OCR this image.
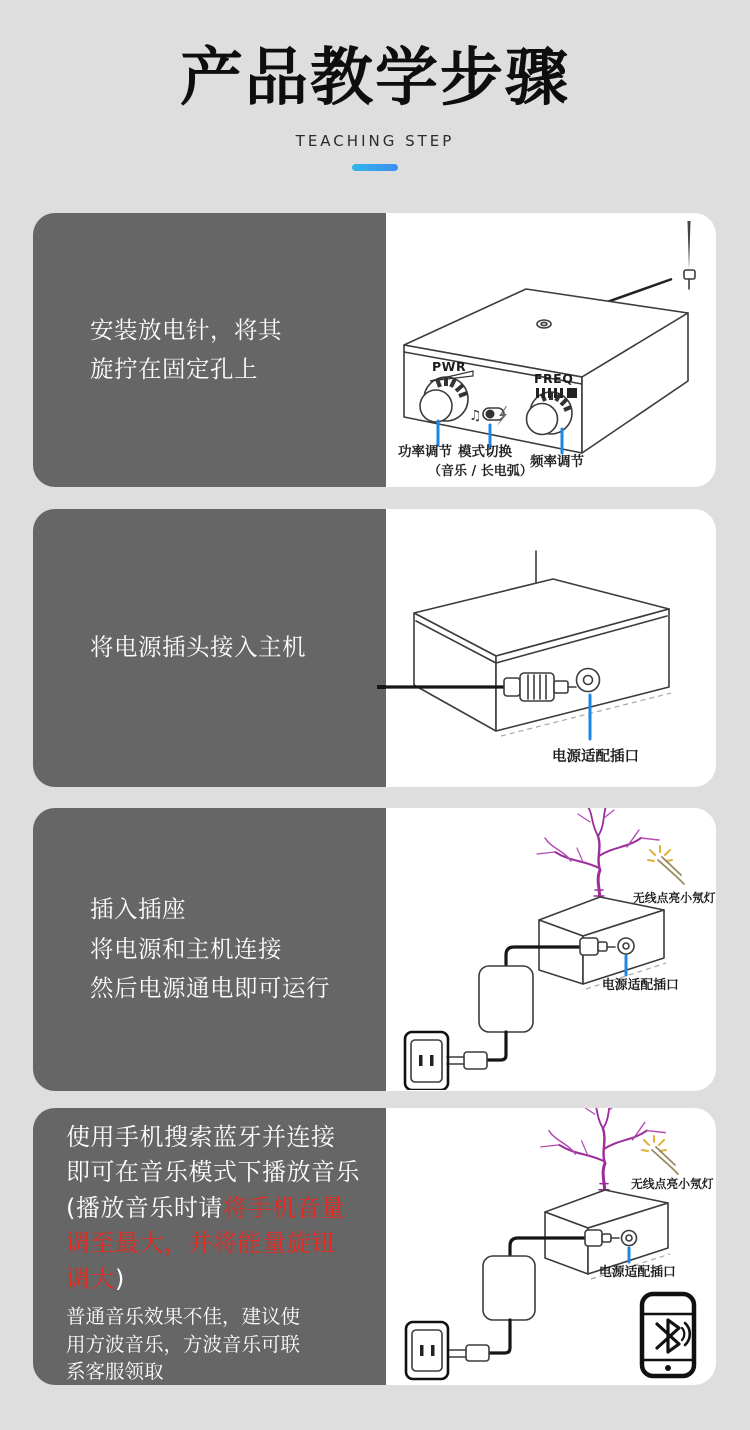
产品教学步骤
TEACHING STEP
安装放电针，将其
旋拧在固定孔上	PWR
FREQ
♫
功率调节 模式切换
（音乐 / 长电弧）
频率调节
将电源插头接入主机
电源适配插口
插入插座
将电源和主机连接
然后电源通电即可运行
无线点亮小氖灯
电源适配插口
使用手机搜索蓝牙并连接
即可在音乐模式下播放音乐
(播放音乐时请将手机音量
调至最大，并将能量旋钮
调大)
普通音乐效果不佳，建议使
用方波音乐，方波音乐可联
系客服领取
无线点亮小氖灯
电源适配插口
